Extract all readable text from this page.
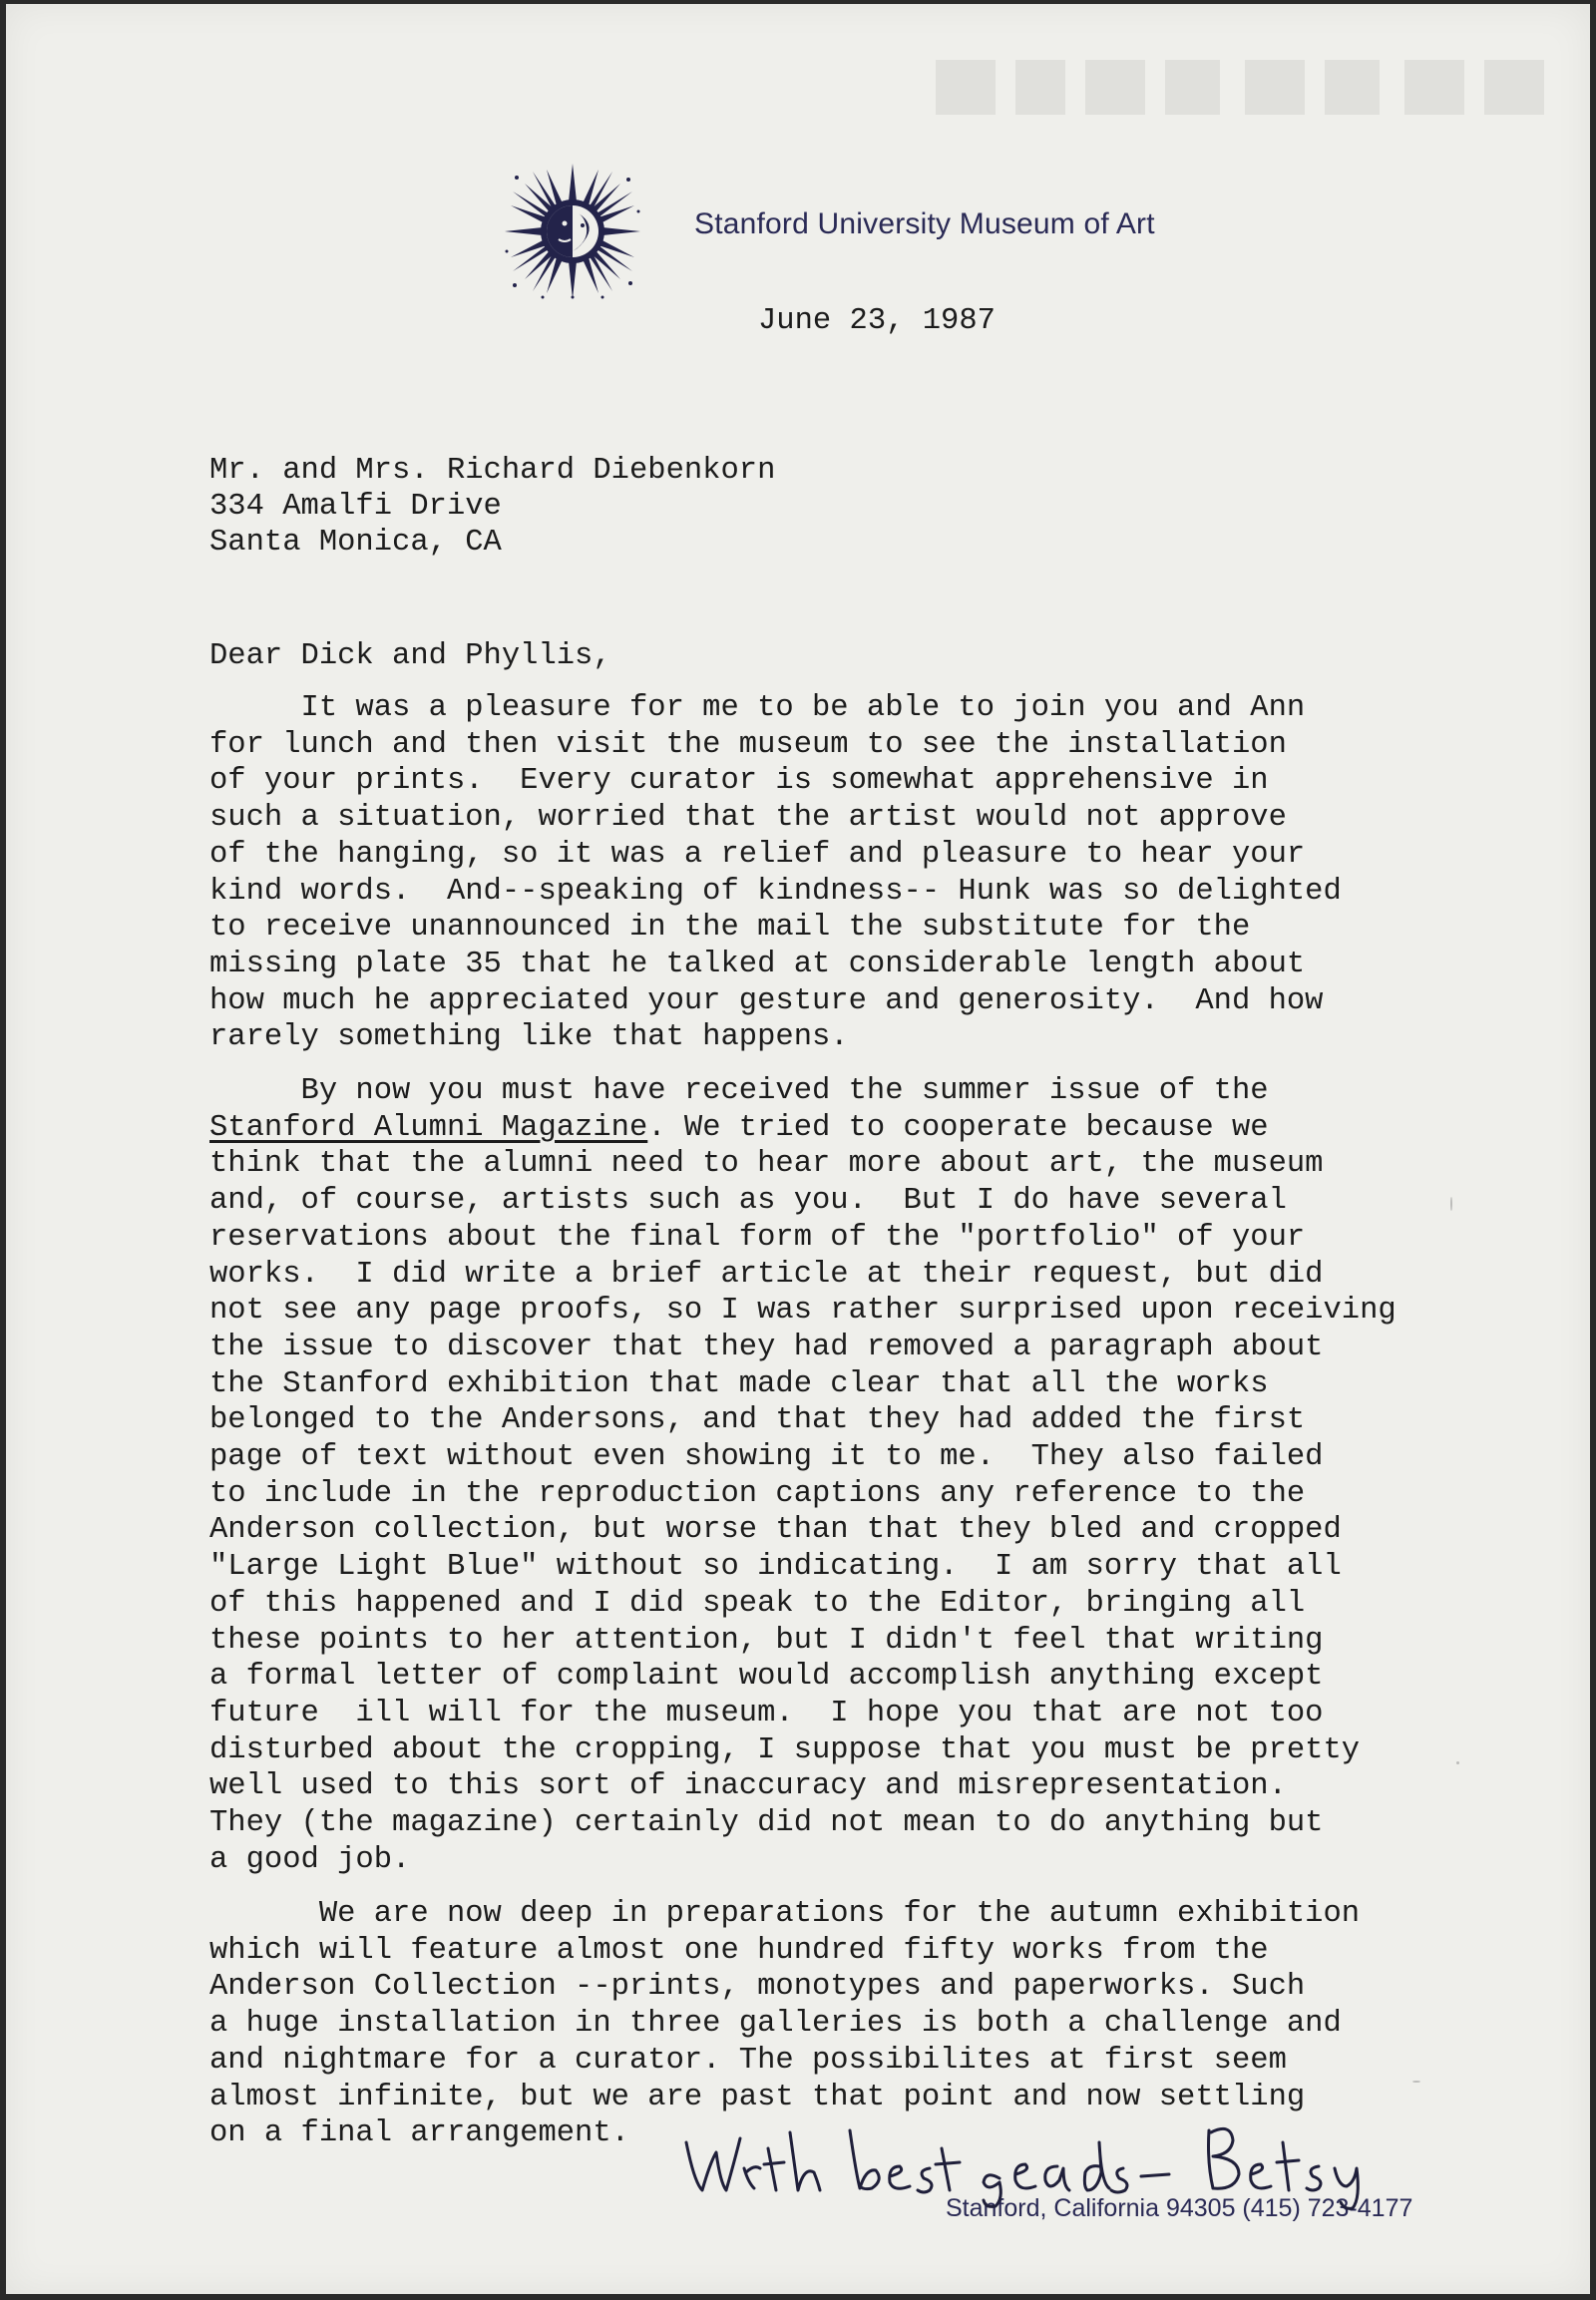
Stanford University Museum of Art
June 23, 1987
Mr. and Mrs. Richard Diebenkorn
334 Amalfi Drive
Santa Monica, CA
Dear Dick and Phyllis,
It was a pleasure for me to be able to join you and Ann
for lunch and then visit the museum to see the installation
of your prints.  Every curator is somewhat apprehensive in
such a situation, worried that the artist would not approve
of the hanging, so it was a relief and pleasure to hear your
kind words.  And--speaking of kindness-- Hunk was so delighted
to receive unannounced in the mail the substitute for the
missing plate 35 that he talked at considerable length about
how much he appreciated your gesture and generosity.  And how
rarely something like that happens.
By now you must have received the summer issue of the
Stanford Alumni Magazine. We tried to cooperate because we
think that the alumni need to hear more about art, the museum
and, of course, artists such as you.  But I do have several
reservations about the final form of the "portfolio" of your
works.  I did write a brief article at their request, but did
not see any page proofs, so I was rather surprised upon receiving
the issue to discover that they had removed a paragraph about
the Stanford exhibition that made clear that all the works
belonged to the Andersons, and that they had added the first
page of text without even showing it to me.  They also failed
to include in the reproduction captions any reference to the
Anderson collection, but worse than that they bled and cropped
"Large Light Blue" without so indicating.  I am sorry that all
of this happened and I did speak to the Editor, bringing all
these points to her attention, but I didn't feel that writing
a formal letter of complaint would accomplish anything except
future  ill will for the museum.  I hope you that are not too
disturbed about the cropping, I suppose that you must be pretty
well used to this sort of inaccuracy and misrepresentation.
They (the magazine) certainly did not mean to do anything but
a good job.
We are now deep in preparations for the autumn exhibition
which will feature almost one hundred fifty works from the
Anderson Collection --prints, monotypes and paperworks. Such
a huge installation in three galleries is both a challenge and
and nightmare for a curator. The possibilites at first seem
almost infinite, but we are past that point and now settling
on a final arrangement.
Stanford, California 94305 (415) 723-4177
